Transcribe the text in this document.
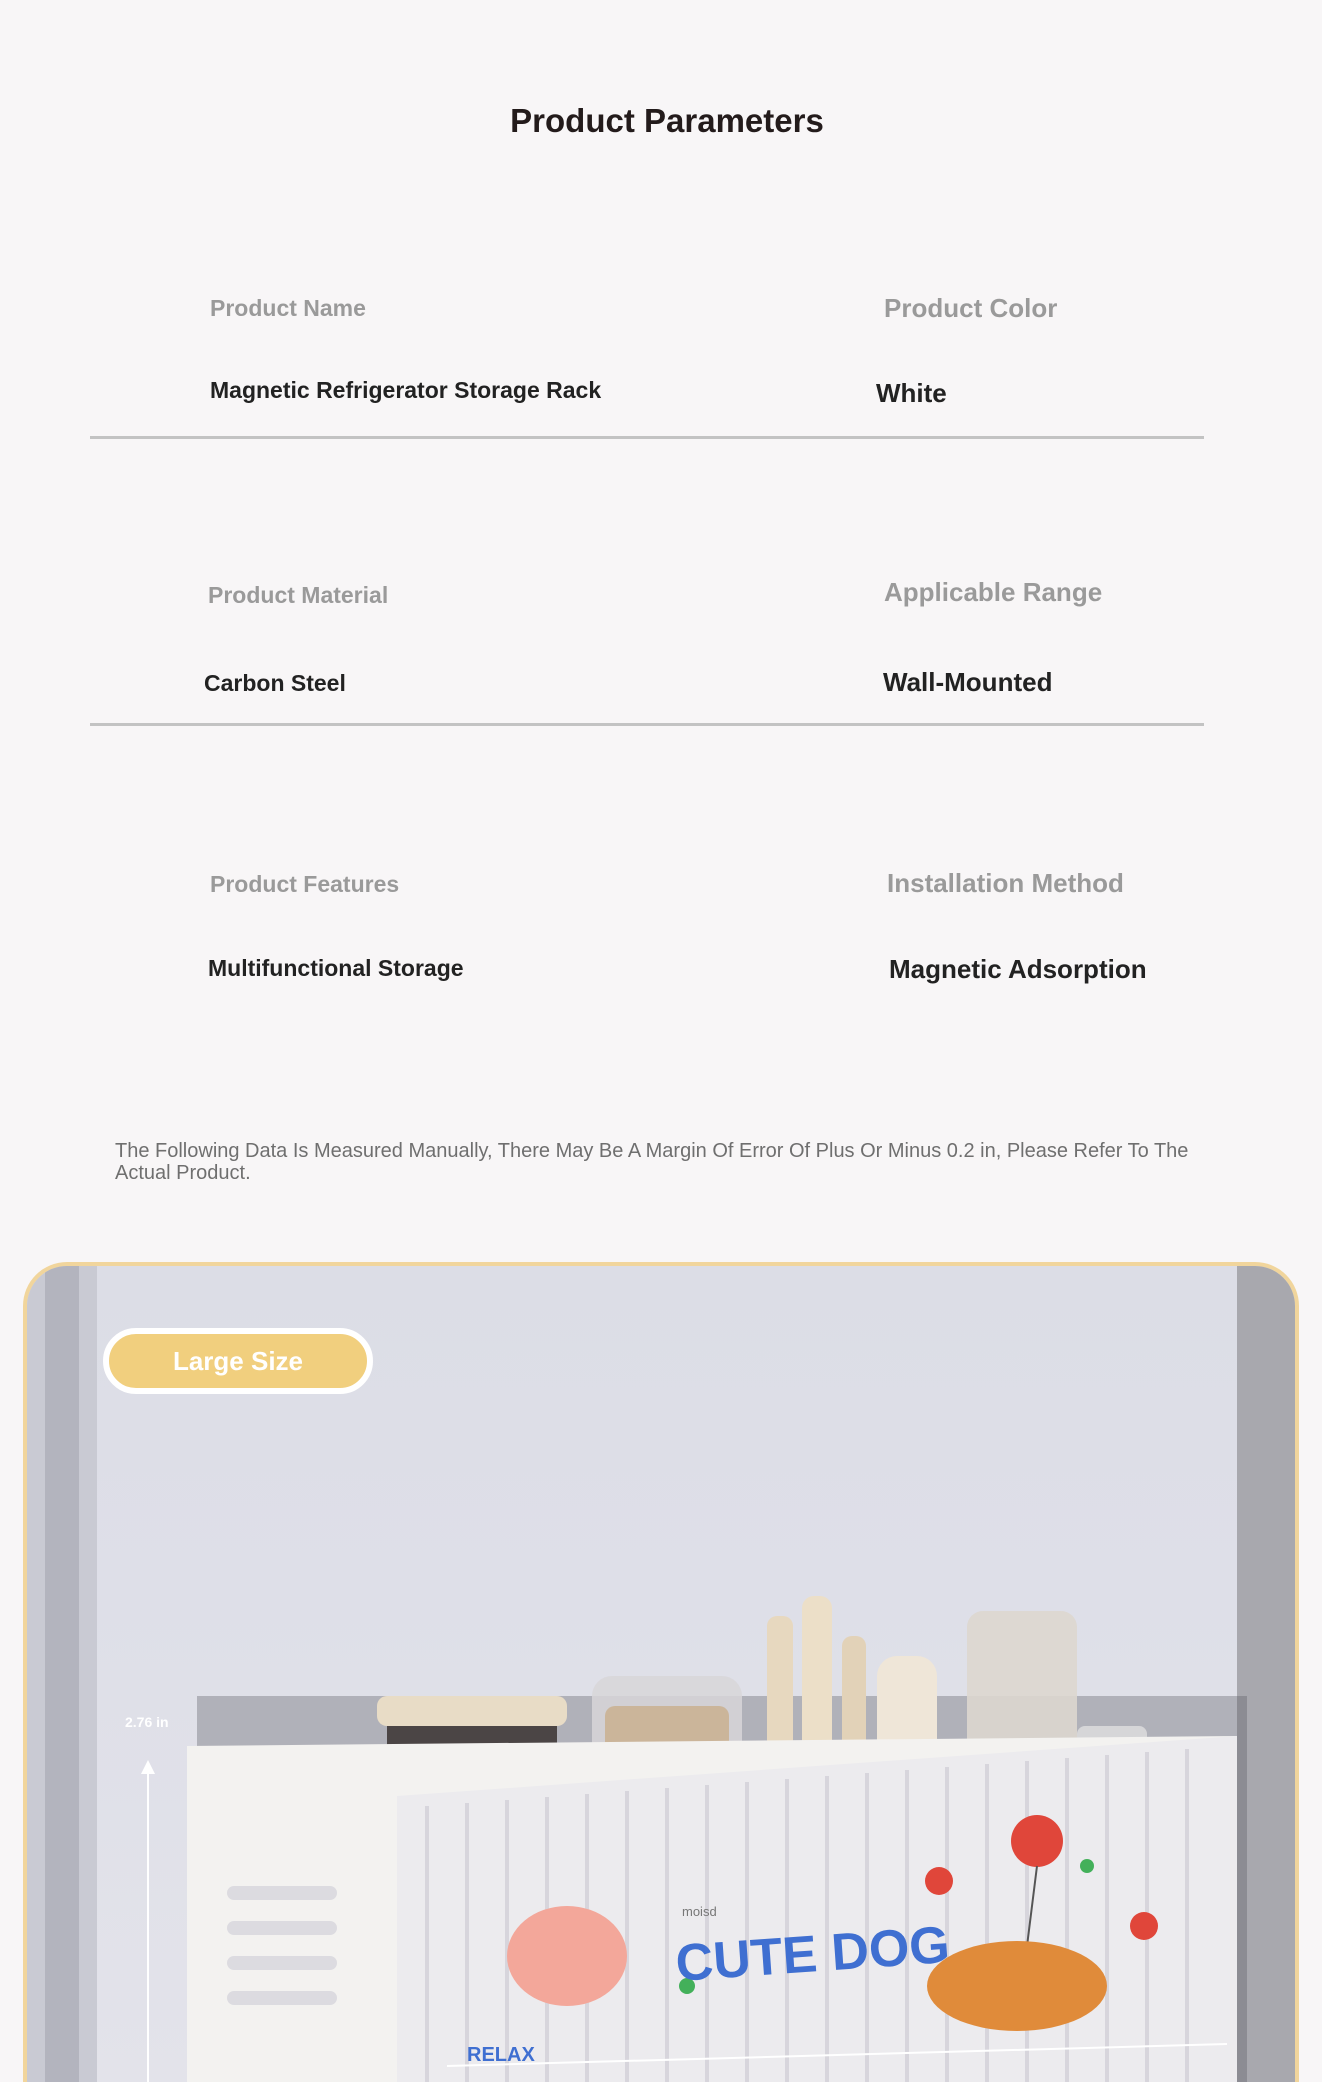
Product Parameters
Product Name	Product Color
Magnetic Refrigerator Storage Rack	White
Product Material	Applicable Range
Carbon Steel	Wall-Mounted
Product Features	Installation Method
Multifunctional Storage	Magnetic Adsorption
The Following Data Is Measured Manually, There May Be A Margin Of Error Of Plus Or Minus 0.2 in, Please Refer To The Actual Product.
moisd
CUTE DOG
RELAX
Large Size
2.76 in
